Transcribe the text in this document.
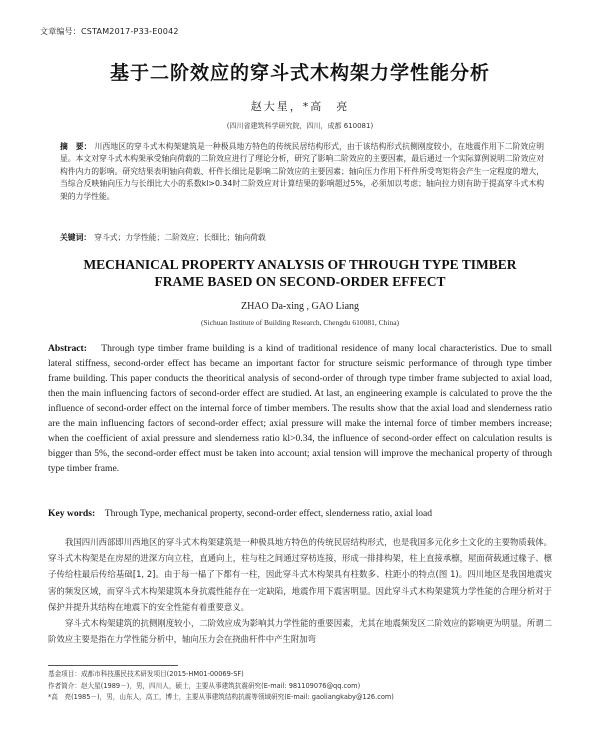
文章编号：CSTAM2017-P33-E0042
基于二阶效应的穿斗式木构架力学性能分析
赵大星，*高　亮
(四川省建筑科学研究院，四川，成都 610081)
摘　要： 川西地区的穿斗式木构架建筑是一种极具地方特色的传统民居结构形式，由于该结构形式抗侧刚度较小，在地震作用下二阶效应明显。本文对穿斗式木构架承受轴向荷载的二阶效应进行了理论分析，研究了影响二阶效应的主要因素，最后通过一个实际算例说明二阶效应对构件内力的影响。研究结果表明轴向荷载、杆件长细比是影响二阶效应的主要因素；轴向压力作用下杆件所受弯矩将会产生一定程度的增大，当综合反映轴向压力与长细比大小的系数kl>0.34时二阶效应对计算结果的影响超过5%，必须加以考虑；轴向拉力则有助于提高穿斗式木构架的力学性能。
关键词： 穿斗式；力学性能；二阶效应；长细比；轴向荷载
MECHANICAL PROPERTY ANALYSIS OF THROUGH TYPE TIMBER
FRAME BASED ON SECOND-ORDER EFFECT
ZHAO Da-xing , GAO Liang
(Sichuan Institute of Building Research, Chengdu 610081, China)
Abstract: Through type timber frame building is a kind of traditional residence of many local characteristics. Due to small lateral stiffness, second-order effect has became an important factor for structure seismic performance of through type timber frame building. This paper conducts the theoritical analysis of second-order of through type timber frame subjected to axial load, then the main influencing factors of second-order effect are studied. At last, an engineering example is calculated to prove the the influence of second-order effect on the internal force of timber members. The results show that the axial load and slenderness ratio are the main influencing factors of second-order effect; axial pressure will make the internal force of timber members increase; when the coefficient of axial pressure and slenderness ratio kl>0.34, the influence of second-order effect on calculation results is bigger than 5%, the second-order effect must be taken into account; axial tension will improve the mechanical property of through type timber frame.
Key words: Through Type, mechanical property, second-order effect, slenderness ratio, axial load

我国四川西部即川西地区的穿斗式木构架建筑是一种极具地方特色的传统民居结构形式，也是我国多元化乡土文化的主要物质载体。穿斗式木构架是在房屋的进深方向立柱，直通向上，柱与柱之间通过穿枋连接，形成一排排构架，柱上直接承檩，屋面荷载通过椽子、檩子传给柱最后传给基础[1, 2]。由于每一榀了下都有一柱，因此穿斗式木构架具有柱数多、柱距小的特点(图 1)。四川地区是我国地震灾害的频发区域，而穿斗式木构架建筑本身抗震性能存在一定缺陷，地震作用下震害明显。因此穿斗式木构架建筑力学性能的合理分析对于保护并提升其结构在地震下的安全性能有着重要意义。

穿斗式木构架建筑的抗侧刚度较小，二阶效应成为影响其力学性能的重要因素，尤其在地震频发区二阶效应的影响更为明显。所谓二阶效应主要是指在力学性能分析中，轴向压力会在挠曲杆件中产生附加弯

基金项目：成都市科技惠民技术研发项目(2015-HM01-00069-SF)
作者简介：赵大星(1989－)，男，四川人，硕士，主要从事建筑抗震研究(E-mail: 981109076@qq.com)
*高　亮(1985－)，男，山东人，高工，博士，主要从事建筑结构抗震等领域研究(E-mail: gaoliangkaby@126.com)
